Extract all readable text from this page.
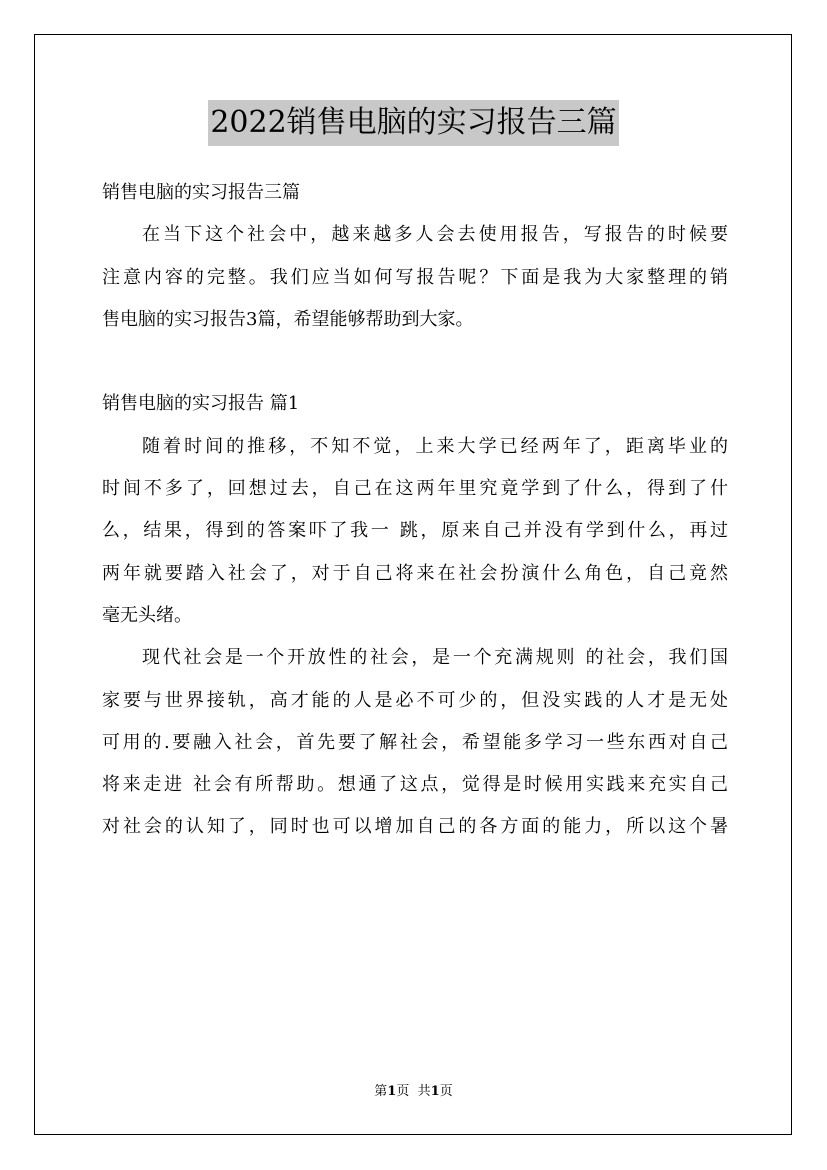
2022销售电脑的实习报告三篇
销售电脑的实习报告三篇
在当下这个社会中，越来越多人会去使用报告，写报告的时候要
注意内容的完整。我们应当如何写报告呢？下面是我为大家整理的销
售电脑的实习报告3篇，希望能够帮助到大家。
销售电脑的实习报告 篇1
随着时间的推移，不知不觉，上来大学已经两年了，距离毕业的
时间不多了，回想过去，自己在这两年里究竟学到了什么，得到了什
么，结果，得到的答案吓了我一 跳，原来自己并没有学到什么，再过
两年就要踏入社会了，对于自己将来在社会扮演什么角色，自己竟然
毫无头绪。
现代社会是一个开放性的社会，是一个充满规则 的社会，我们国
家要与世界接轨，高才能的人是必不可少的，但没实践的人才是无处
可用的.要融入社会，首先要了解社会，希望能多学习一些东西对自己
将来走进 社会有所帮助。想通了这点，觉得是时候用实践来充实自己
对社会的认知了，同时也可以增加自己的各方面的能力，所以这个暑
第1页 共1页
